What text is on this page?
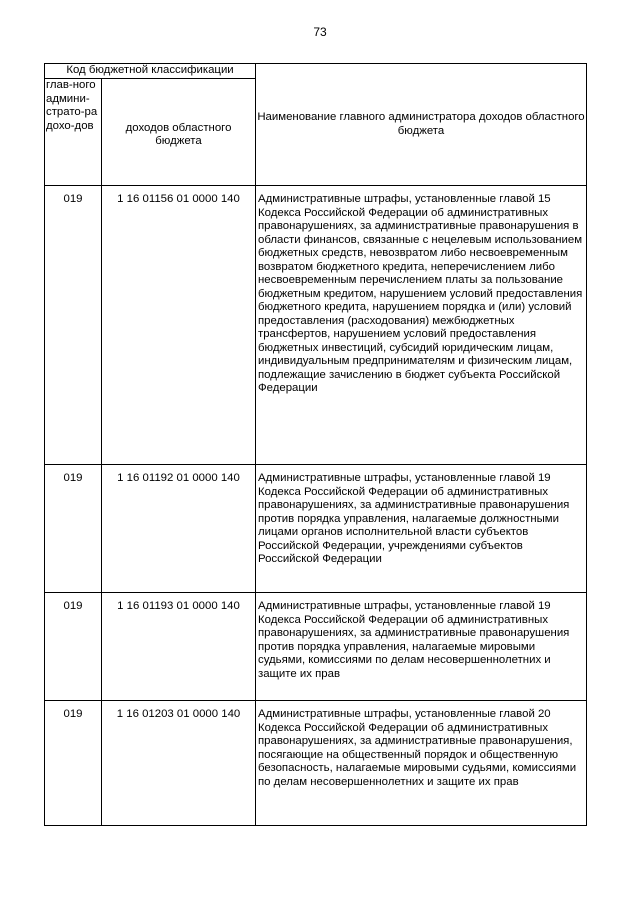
73
Код бюджетной классификации		Наименование главного администратора доходов областного бюджета
глав-ного админи-страто-ра дохо-дов	доходов областного бюджета	
019	1 16 01156 01 0000 140	Административные штрафы, установленные главой 15 Кодекса Российской Федерации об административных правонарушениях, за административные правонарушения в области финансов, связанные с нецелевым использованием бюджетных средств, невозвратом либо несвоевременным возвратом бюджетного кредита, неперечислением либо несвоевременным перечислением платы за пользование бюджетным кредитом, нарушением условий предоставления бюджетного кредита, нарушением порядка и (или) условий предоставления (расходования) межбюджетных трансфертов, нарушением условий предоставления бюджетных инвестиций, субсидий юридическим лицам, индивидуальным предпринимателям и физическим лицам, подлежащие зачислению в бюджет субъекта Российской Федерации
019	1 16 01192 01 0000 140	Административные штрафы, установленные главой 19 Кодекса Российской Федерации об административных правонарушениях, за административные правонарушения против порядка управления, налагаемые должностными лицами органов исполнительной власти субъектов Российской Федерации, учреждениями субъектов Российской Федерации
019	1 16 01193 01 0000 140	Административные штрафы, установленные главой 19 Кодекса Российской Федерации об административных правонарушениях, за административные правонарушения против порядка управления, налагаемые мировыми судьями, комиссиями по делам несовершеннолетних и защите их прав
019	1 16 01203 01 0000 140	Административные штрафы, установленные главой 20 Кодекса Российской Федерации об административных правонарушениях, за административные правонарушения, посягающие на общественный порядок и общественную безопасность, налагаемые мировыми судьями, комиссиями по делам несовершеннолетних и защите их прав
